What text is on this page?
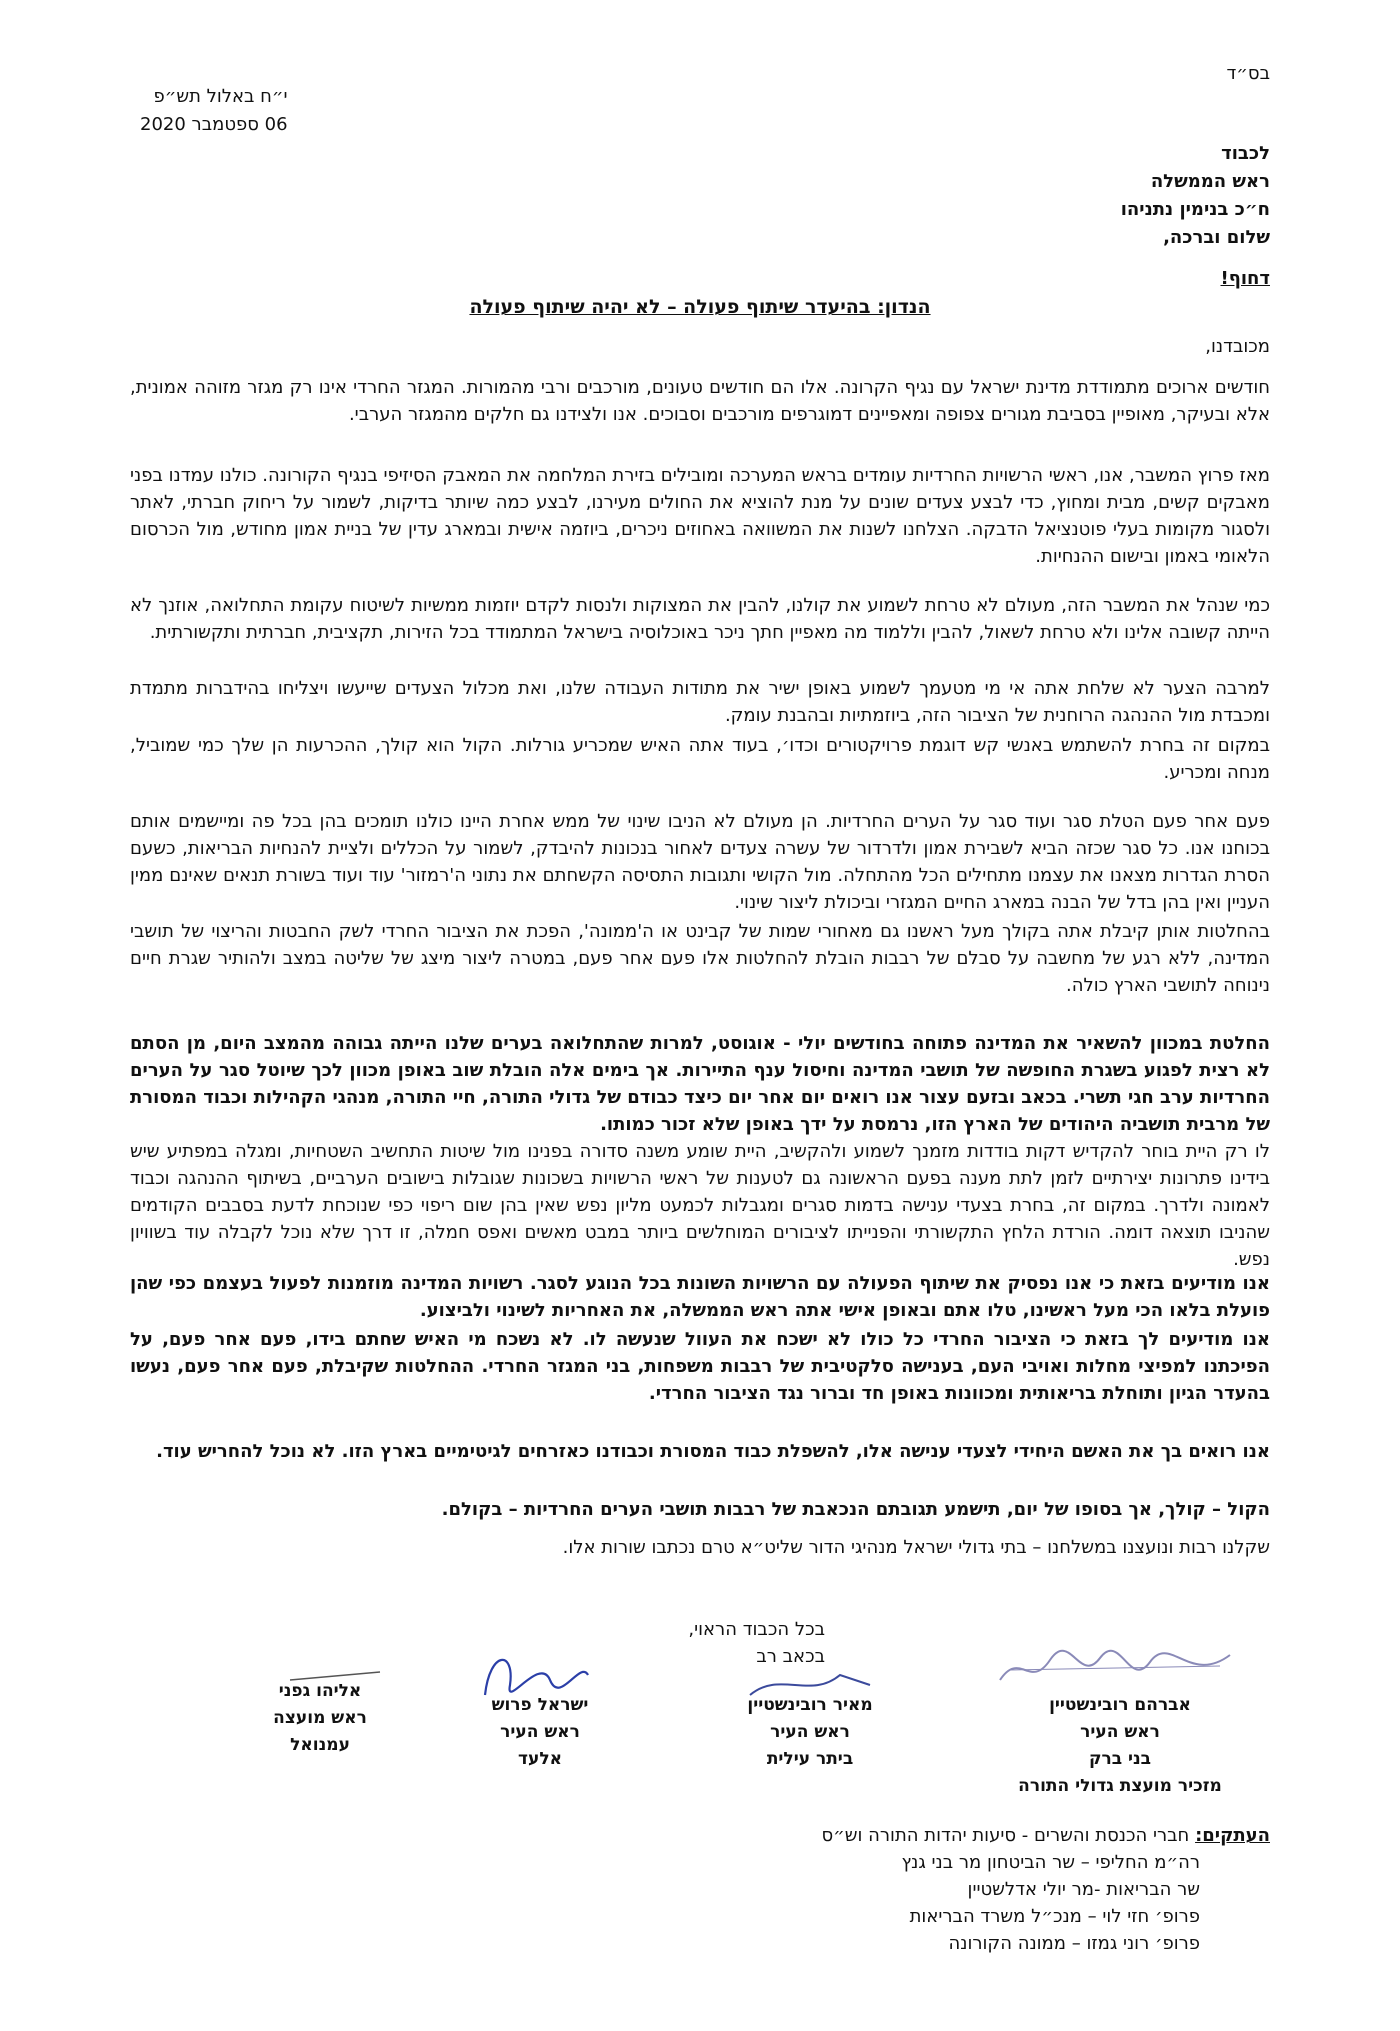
בס״ד
י״ח באלול תש״פ
06 ספטמבר 2020
לכבוד
ראש הממשלה
ח״כ בנימין נתניהו
שלום וברכה,
דחוף!
הנדון: בהיעדר שיתוף פעולה – לא יהיה שיתוף פעולה
מכובדנו,

חודשים ארוכים מתמודדת מדינת ישראל עם נגיף הקרונה. אלו הם חודשים טעונים, מורכבים ורבי מהמורות. המגזר החרדי אינו רק מגזר מזוהה אמונית, אלא ובעיקר, מאופיין בסביבת מגורים צפופה ומאפיינים דמוגרפים מורכבים וסבוכים. אנו ולצידנו גם חלקים מהמגזר הערבי.

מאז פרוץ המשבר, אנו, ראשי הרשויות החרדיות עומדים בראש המערכה ומובילים בזירת המלחמה את המאבק הסיזיפי בנגיף הקורונה. כולנו עמדנו בפני מאבקים קשים, מבית ומחוץ, כדי לבצע צעדים שונים על מנת להוציא את החולים מעירנו, לבצע כמה שיותר בדיקות, לשמור על ריחוק חברתי, לאתר ולסגור מקומות בעלי פוטנציאל הדבקה. הצלחנו לשנות את המשוואה באחוזים ניכרים, ביוזמה אישית ובמארג עדין של בניית אמון מחודש, מול הכרסום הלאומי באמון ובישום ההנחיות.

כמי שנהל את המשבר הזה, מעולם לא טרחת לשמוע את קולנו, להבין את המצוקות ולנסות לקדם יוזמות ממשיות לשיטוח עקומת התחלואה, אוזנך לא הייתה קשובה אלינו ולא טרחת לשאול, להבין וללמוד מה מאפיין חתך ניכר באוכלוסיה בישראל המתמודד בכל הזירות, תקציבית, חברתית ותקשורתית.

למרבה הצער לא שלחת אתה אי מי מטעמך לשמוע באופן ישיר את מתודות העבודה שלנו, ואת מכלול הצעדים שייעשו ויצליחו בהידברות מתמדת ומכבדת מול ההנהגה הרוחנית של הציבור הזה, ביוזמתיות ובהבנת עומק.

במקום זה בחרת להשתמש באנשי קש דוגמת פרויקטורים וכדו׳, בעוד אתה האיש שמכריע גורלות. הקול הוא קולך, ההכרעות הן שלך כמי שמוביל, מנחה ומכריע.

פעם אחר פעם הטלת סגר ועוד סגר על הערים החרדיות. הן מעולם לא הניבו שינוי של ממש אחרת היינו כולנו תומכים בהן בכל פה ומיישמים אותם בכוחנו אנו. כל סגר שכזה הביא לשבירת אמון ולדרדור של עשרה צעדים לאחור בנכונות להיבדק, לשמור על הכללים ולציית להנחיות הבריאות, כשעם הסרת הגדרות מצאנו את עצמנו מתחילים הכל מהתחלה. מול הקושי ותגובות התסיסה הקשחתם את נתוני ה'רמזור' עוד ועוד בשורת תנאים שאינם ממין העניין ואין בהן בדל של הבנה במארג החיים המגזרי וביכולת ליצור שינוי.

בהחלטות אותן קיבלת אתה בקולך מעל ראשנו גם מאחורי שמות של קבינט או ה'ממונה', הפכת את הציבור החרדי לשק החבטות והריצוי של תושבי המדינה, ללא רגע של מחשבה על סבלם של רבבות הובלת להחלטות אלו פעם אחר פעם, במטרה ליצור מיצג של שליטה במצב ולהותיר שגרת חיים נינוחה לתושבי הארץ כולה.

החלטת במכוון להשאיר את המדינה פתוחה בחודשים יולי - אוגוסט, למרות שהתחלואה בערים שלנו הייתה גבוהה מהמצב היום, מן הסתם לא רצית לפגוע בשגרת החופשה של תושבי המדינה וחיסול ענף התיירות. אך בימים אלה הובלת שוב באופן מכוון לכך שיוטל סגר על הערים החרדיות ערב חגי תשרי. בכאב ובזעם עצור אנו רואים יום אחר יום כיצד כבודם של גדולי התורה, חיי התורה, מנהגי הקהילות וכבוד המסורת של מרבית תושביה היהודים של הארץ הזו, נרמסת על ידך באופן שלא זכור כמותו.

לו רק היית בוחר להקדיש דקות בודדות מזמנך לשמוע ולהקשיב, היית שומע משנה סדורה בפנינו מול שיטות התחשיב השטחיות, ומגלה במפתיע שיש בידינו פתרונות יצירתיים לזמן לתת מענה בפעם הראשונה גם לטענות של ראשי הרשויות בשכונות שגובלות בישובים הערביים, בשיתוף ההנהגה וכבוד לאמונה ולדרך. במקום זה, בחרת בצעדי ענישה בדמות סגרים ומגבלות לכמעט מליון נפש שאין בהן שום ריפוי כפי שנוכחת לדעת בסבבים הקודמים שהניבו תוצאה דומה. הורדת הלחץ התקשורתי והפנייתו לציבורים המוחלשים ביותר במבט מאשים ואפס חמלה, זו דרך שלא נוכל לקבלה עוד בשוויון נפש.

אנו מודיעים בזאת כי אנו נפסיק את שיתוף הפעולה עם הרשויות השונות בכל הנוגע לסגר. רשויות המדינה מוזמנות לפעול בעצמם כפי שהן פועלת בלאו הכי מעל ראשינו, טלו אתם ובאופן אישי אתה ראש הממשלה, את האחריות לשינוי ולביצוע.

אנו מודיעים לך בזאת כי הציבור החרדי כל כולו לא ישכח את העוול שנעשה לו. לא נשכח מי האיש שחתם בידו, פעם אחר פעם, על הפיכתנו למפיצי מחלות ואויבי העם, בענישה סלקטיבית של רבבות משפחות, בני המגזר החרדי. ההחלטות שקיבלת, פעם אחר פעם, נעשו בהעדר הגיון ותוחלת בריאותית ומכוונות באופן חד וברור נגד הציבור החרדי.

אנו רואים בך את האשם היחידי לצעדי ענישה אלו, להשפלת כבוד המסורת וכבודנו כאזרחים לגיטימיים בארץ הזו. לא נוכל להחריש עוד.

הקול – קולך, אך בסופו של יום, תישמע תגובתם הנכאבת של רבבות תושבי הערים החרדיות – בקולם.

שקלנו רבות ונועצנו במשלחנו – בתי גדולי ישראל מנהיגי הדור שליט״א טרם נכתבו שורות אלו.

בכל הכבוד הראוי,
בכאב רב
אברהם רובינשטיין
ראש העיר
בני ברק
מזכיר מועצת גדולי התורה
מאיר רובינשטיין
ראש העיר
ביתר עילית
ישראל פרוש
ראש העיר
אלעד
אליהו גפני
ראש מועצה
עמנואל
העתקים: חברי הכנסת והשרים - סיעות יהדות התורה וש״ס
רה״מ החליפי – שר הביטחון מר בני גנץ
שר הבריאות -מר יולי אדלשטיין
פרופ׳ חזי לוי – מנכ״ל משרד הבריאות
פרופ׳ רוני גמזו – ממונה הקורונה
